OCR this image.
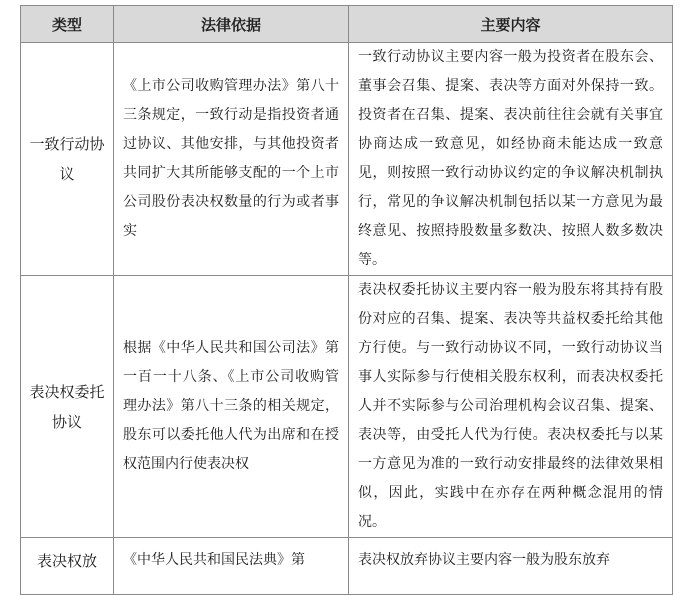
类型	法律依据	主要内容
一致行动协议	《上市公司收购管理办法》第八十三条规定，一致行动是指投资者通过协议、其他安排，与其他投资者共同扩大其所能够支配的一个上市公司股份表决权数量的行为或者事实	一致行动协议主要内容一般为投资者在股东会、董事会召集、提案、表决等方面对外保持一致。投资者在召集、提案、表决前往往会就有关事宜协商达成一致意见，如经协商未能达成一致意见，则按照一致行动协议约定的争议解决机制执行，常见的争议解决机制包括以某一方意见为最终意见、按照持股数量多数决、按照人数多数决等。
表决权委托协议	根据《中华人民共和国公司法》第一百一十八条、《上市公司收购管理办法》第八十三条的相关规定，股东可以委托他人代为出席和在授权范围内行使表决权	表决权委托协议主要内容一般为股东将其持有股份对应的召集、提案、表决等共益权委托给其他方行使。与一致行动协议不同，一致行动协议当事人实际参与行使相关股东权利，而表决权委托人并不实际参与公司治理机构会议召集、提案、表决等，由受托人代为行使。表决权委托与以某一方意见为准的一致行动安排最终的法律效果相似，因此，实践中在亦存在两种概念混用的情况。
表决权放	《中华人民共和国民法典》第	表决权放弃协议主要内容一般为股东放弃
